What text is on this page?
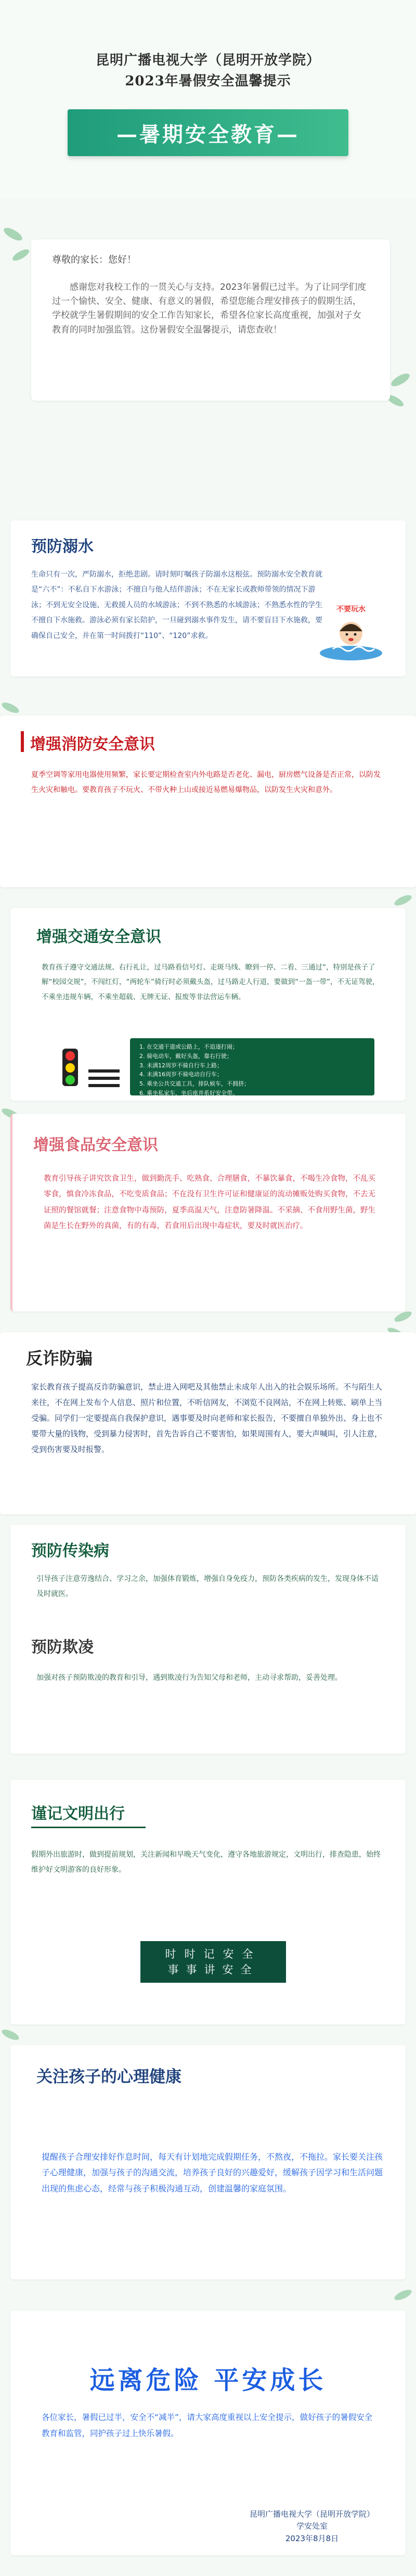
昆明广播电视大学（昆明开放学院）
2023年暑假安全温馨提示
—暑期安全教育—
尊敬的家长：您好！
感谢您对我校工作的一贯关心与支持。2023年暑假已过半。为了让同学们度过一个愉快、安全、健康、有意义的暑假，希望您能合理安排孩子的假期生活，学校就学生暑假期间的安全工作告知家长，希望各位家长高度重视，加强对子女教育的同时加强监管。这份暑假安全温馨提示，请您查收！
预防溺水
生命只有一次，严防溺水，拒绝悲剧。请时刻叮嘱孩子防溺水这根弦。预防溺水安全教育就是“六不”：不私自下水游泳；不擅自与他人结伴游泳；不在无家长或教师带领的情况下游泳；不到无安全设施、无救援人员的水域游泳；不到不熟悉的水域游泳；不熟悉水性的学生不擅自下水施救。游泳必须有家长陪护，一旦碰到溺水事件发生，请不要盲目下水施救，要确保自己安全，并在第一时间拨打“110”、“120”求救。
不要玩水
增强消防安全意识
夏季空调等家用电器使用频繁，家长要定期检查室内外电路是否老化、漏电，厨房燃气设备是否正常，以防发生火灾和触电。要教育孩子不玩火、不带火种上山或接近易燃易爆物品，以防发生火灾和意外。
增强交通安全意识
教育孩子遵守交通法规、右行礼让，过马路看信号灯、走斑马线、瞭到一停、二看、三通过”，特别是孩子了解“校园交规”，不闯红灯，“两轮车”骑行时必须戴头盔，过马路走人行道，要做到“一盔一带”，不无证驾驶，不乘坐违规车辆，不乘坐超载、无牌无证、报废等非法营运车辆。
1. 在交通干道或公路上，不追逐打闹；
2. 骑电动车，戴好头盔，靠右行驶；
3. 未满12周岁不骑自行车上路；
4. 未满16周岁不骑电动自行车；
5. 乘坐公共交通工具，排队候车，不拥挤；
6. 乘坐私家车，坐后座并系好安全带。
增强食品安全意识
教育引导孩子讲究饮食卫生，做到勤洗手、吃熟食、合理膳食，不暴饮暴食，不喝生冷食物，不乱买零食，慎食冷冻食品，不吃变质食品；不在没有卫生许可证和健康证的流动摊贩处购买食物，不去无证照的餐馆就餐；注意食物中毒预防，夏季高温天气，注意防暑降温。不采摘、不食用野生菌，野生菌是生长在野外的真菌，有的有毒，若食用后出现中毒症状，要及时就医治疗。
反诈防骗
家长教育孩子提高反诈防骗意识，禁止进入网吧及其他禁止未成年人出入的社会娱乐场所。不与陌生人来往，不在网上发布个人信息、照片和位置，不听信网友，不浏览不良网站，不在网上转账、刷单上当受骗。同学们一定要提高自我保护意识，遇事要及时向老师和家长报告，不要擅自单独外出、身上也不要带大量的钱物，受到暴力侵害时，首先告诉自己不要害怕，如果周围有人，要大声喊叫，引人注意，受到伤害要及时报警。
预防传染病
引导孩子注意劳逸结合、学习之余，加强体育锻炼，增强自身免疫力，预防各类疾病的发生，发现身体不适及时就医。
预防欺凌
加强对孩子预防欺凌的教育和引导，遇到欺凌行为告知父母和老师，主动寻求帮助，妥善处理。
谨记文明出行
假期外出旅游时，做到提前规划，关注新闻和早晚天气变化，遵守各地旅游规定，文明出行，排查隐患，始终维护好文明游客的良好形象。
时时记安全
事事讲安全
关注孩子的心理健康
提醒孩子合理安排好作息时间，每天有计划地完成假期任务，不熬夜，不拖拉。家长要关注孩子心理健康，加强与孩子的沟通交流，培养孩子良好的兴趣爱好，缓解孩子因学习和生活问题出现的焦虑心态，经常与孩子积极沟通互动，创建温馨的家庭氛围。
远离危险 平安成长
各位家长，暑假已过半，安全不“减半”，请大家高度重视以上安全提示，做好孩子的暑假安全教育和监管，同护孩子过上快乐暑假。
昆明广播电视大学（昆明开放学院）
学安处室
2023年8月8日
